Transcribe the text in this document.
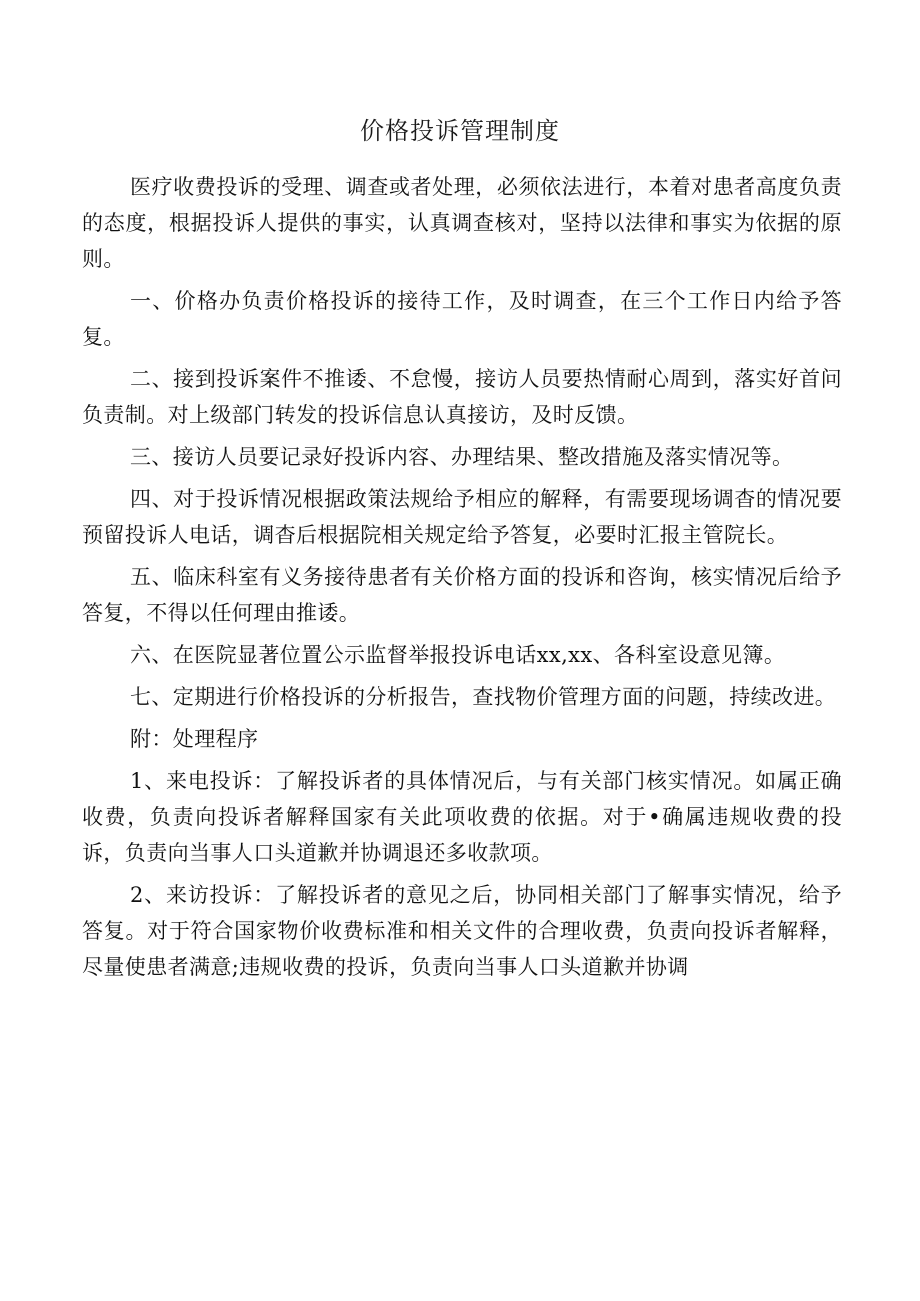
价格投诉管理制度

医疗收费投诉的受理、调查或者处理，必须依法进行，本着对患者高度负责的态度，根据投诉人提供的事实，认真调查核对，坚持以法律和事实为依据的原则。

一、价格办负责价格投诉的接待工作，及时调查，在三个工作日内给予答复。

二、接到投诉案件不推诿、不怠慢，接访人员要热情耐心周到，落实好首问负责制。对上级部门转发的投诉信息认真接访，及时反馈。

三、接访人员要记录好投诉内容、办理结果、整改措施及落实情况等。

四、对于投诉情况根据政策法规给予相应的解释，有需要现场调杳的情况要预留投诉人电话，调杳后根据院相关规定给予答复，必要时汇报主管院长。

五、临床科室有义务接待患者有关价格方面的投诉和咨询，核实情况后给予答复，不得以任何理由推诿。

六、在医院显著位置公示监督举报投诉电话xx,xx、各科室设意见簿。

七、定期进行价格投诉的分析报告，查找物价管理方面的问题，持续改进。

附：处理程序

1、来电投诉：了解投诉者的具体情况后，与有关部门核实情况。如属正确收费，负责向投诉者解释国家有关此项收费的依据。对于•确属违规收费的投诉，负责向当事人口头道歉并协调退还多收款项。

2、来访投诉：了解投诉者的意见之后，协同相关部门了解事实情况，给予答复。对于符合国家物价收费标准和相关文件的合理收费，负责向投诉者解释，尽量使患者满意;违规收费的投诉，负责向当事人口头道歉并协调
